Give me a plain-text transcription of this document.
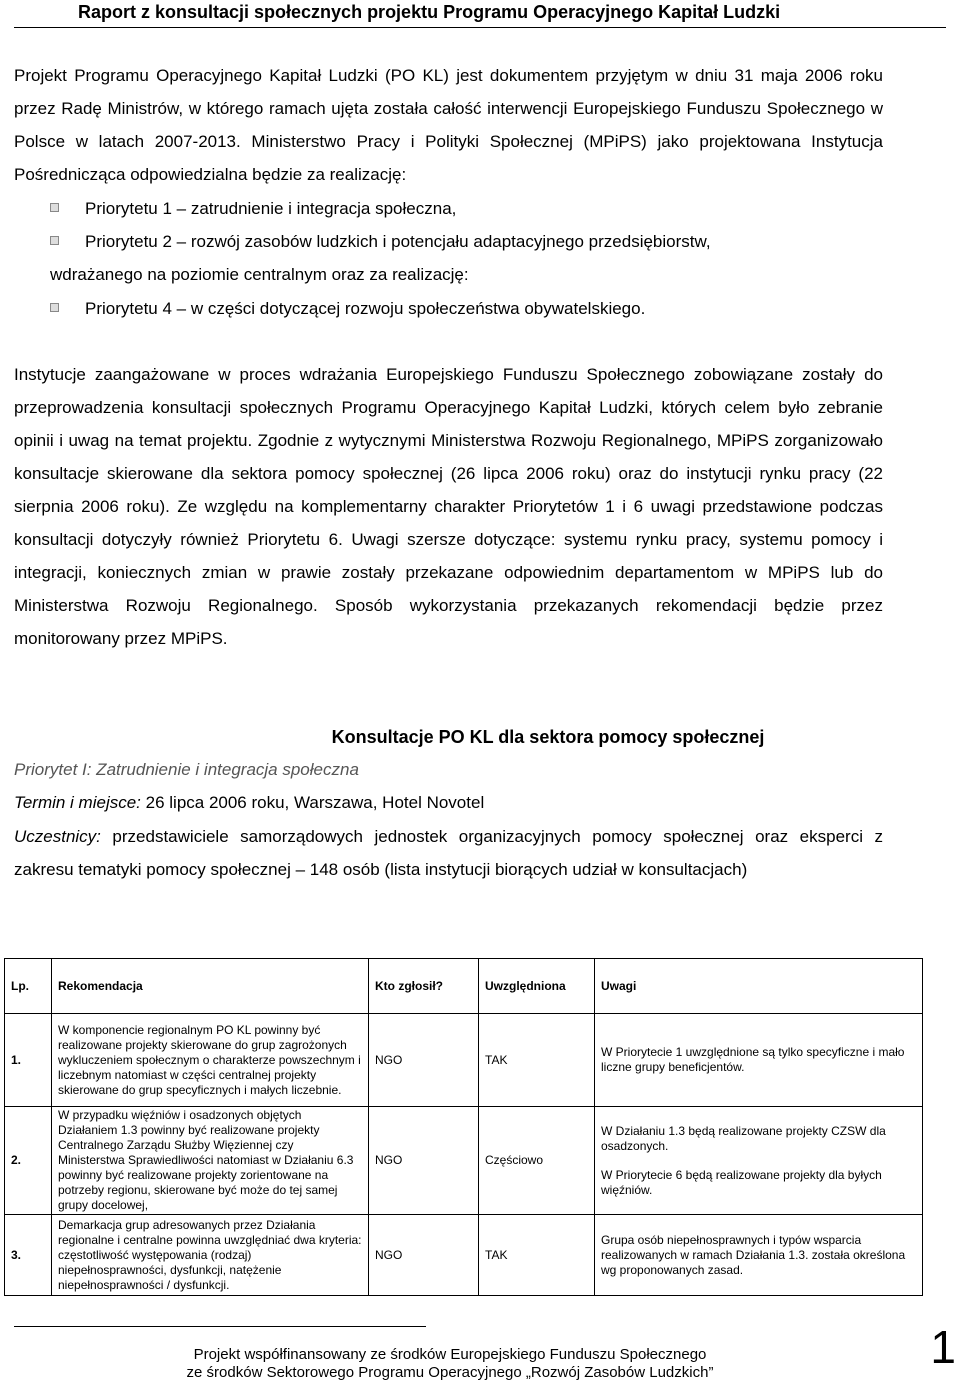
Raport z konsultacji społecznych projektu Programu Operacyjnego Kapitał Ludzki
Projekt Programu Operacyjnego Kapitał Ludzki (PO KL) jest dokumentem przyjętym w dniu 31 maja 2006 roku przez Radę Ministrów, w którego ramach ujęta została całość interwencji Europejskiego Funduszu Społecznego w Polsce w latach 2007-2013. Ministerstwo Pracy i Polityki Społecznej (MPiPS) jako projektowana Instytucja Pośrednicząca odpowiedzialna będzie za realizację:
Priorytetu 1 – zatrudnienie i integracja społeczna,
Priorytetu 2 – rozwój zasobów ludzkich i potencjału adaptacyjnego przedsiębiorstw,
wdrażanego na poziomie centralnym oraz za realizację:
Priorytetu 4 – w części dotyczącej rozwoju społeczeństwa obywatelskiego.
Instytucje zaangażowane w proces wdrażania Europejskiego Funduszu Społecznego zobowiązane zostały do przeprowadzenia konsultacji społecznych Programu Operacyjnego Kapitał Ludzki, których celem było zebranie opinii i uwag na temat projektu. Zgodnie z wytycznymi Ministerstwa Rozwoju Regionalnego, MPiPS zorganizowało konsultacje skierowane dla sektora pomocy społecznej (26 lipca 2006 roku) oraz do instytucji rynku pracy (22 sierpnia 2006 roku). Ze względu na komplementarny charakter Priorytetów 1 i 6 uwagi przedstawione podczas konsultacji dotyczyły również Priorytetu 6. Uwagi szersze dotyczące: systemu rynku pracy, systemu pomocy i integracji, koniecznych zmian w prawie zostały przekazane odpowiednim departamentom w MPiPS lub do Ministerstwa Rozwoju Regionalnego. Sposób wykorzystania przekazanych rekomendacji będzie przez monitorowany przez MPiPS.
Konsultacje PO KL dla sektora pomocy społecznej
Priorytet I: Zatrudnienie i integracja społeczna
Termin i miejsce: 26 lipca 2006 roku, Warszawa, Hotel Novotel
Uczestnicy: przedstawiciele samorządowych jednostek organizacyjnych pomocy społecznej oraz eksperci z zakresu tematyki pomocy społecznej – 148 osób (lista instytucji biorących udział w konsultacjach)
Lp.	Rekomendacja	Kto zgłosił?	Uwzględniona	Uwagi
1.	W komponencie regionalnym PO KL powinny być realizowane projekty skierowane do grup zagrożonych wykluczeniem społecznym o charakterze powszechnym i liczebnym natomiast w części centralnej projekty skierowane do grup specyficznych i małych liczebnie.	NGO	TAK	W Priorytecie 1 uwzględnione są tylko specyficzne i mało liczne grupy beneficjentów.

2.	W przypadku więźniów i osadzonych objętych Działaniem 1.3 powinny być realizowane projekty Centralnego Zarządu Służby Więziennej czy Ministerstwa Sprawiedliwości natomiast w Działaniu 6.3 powinny być realizowane projekty zorientowane na potrzeby regionu, skierowane być może do tej samej grupy docelowej,	NGO	Częściowo	W Działaniu 1.3 będą realizowane projekty CZSW dla osadzonych.
W Priorytecie 6 będą realizowane projekty dla byłych więźniów.

3.	Demarkacja grup adresowanych przez Działania regionalne i centralne powinna uwzględniać dwa kryteria: częstotliwość występowania (rodzaj) niepełnosprawności, dysfunkcji, natężenie niepełnosprawności / dysfunkcji.	NGO	TAK	Grupa osób niepełnosprawnych i typów wsparcia realizowanych w ramach Działania 1.3. została określona wg proponowanych zasad.
Projekt współfinansowany ze środków Europejskiego Funduszu Społecznego
ze środków Sektorowego Programu Operacyjnego „Rozwój Zasobów Ludzkich”	1
